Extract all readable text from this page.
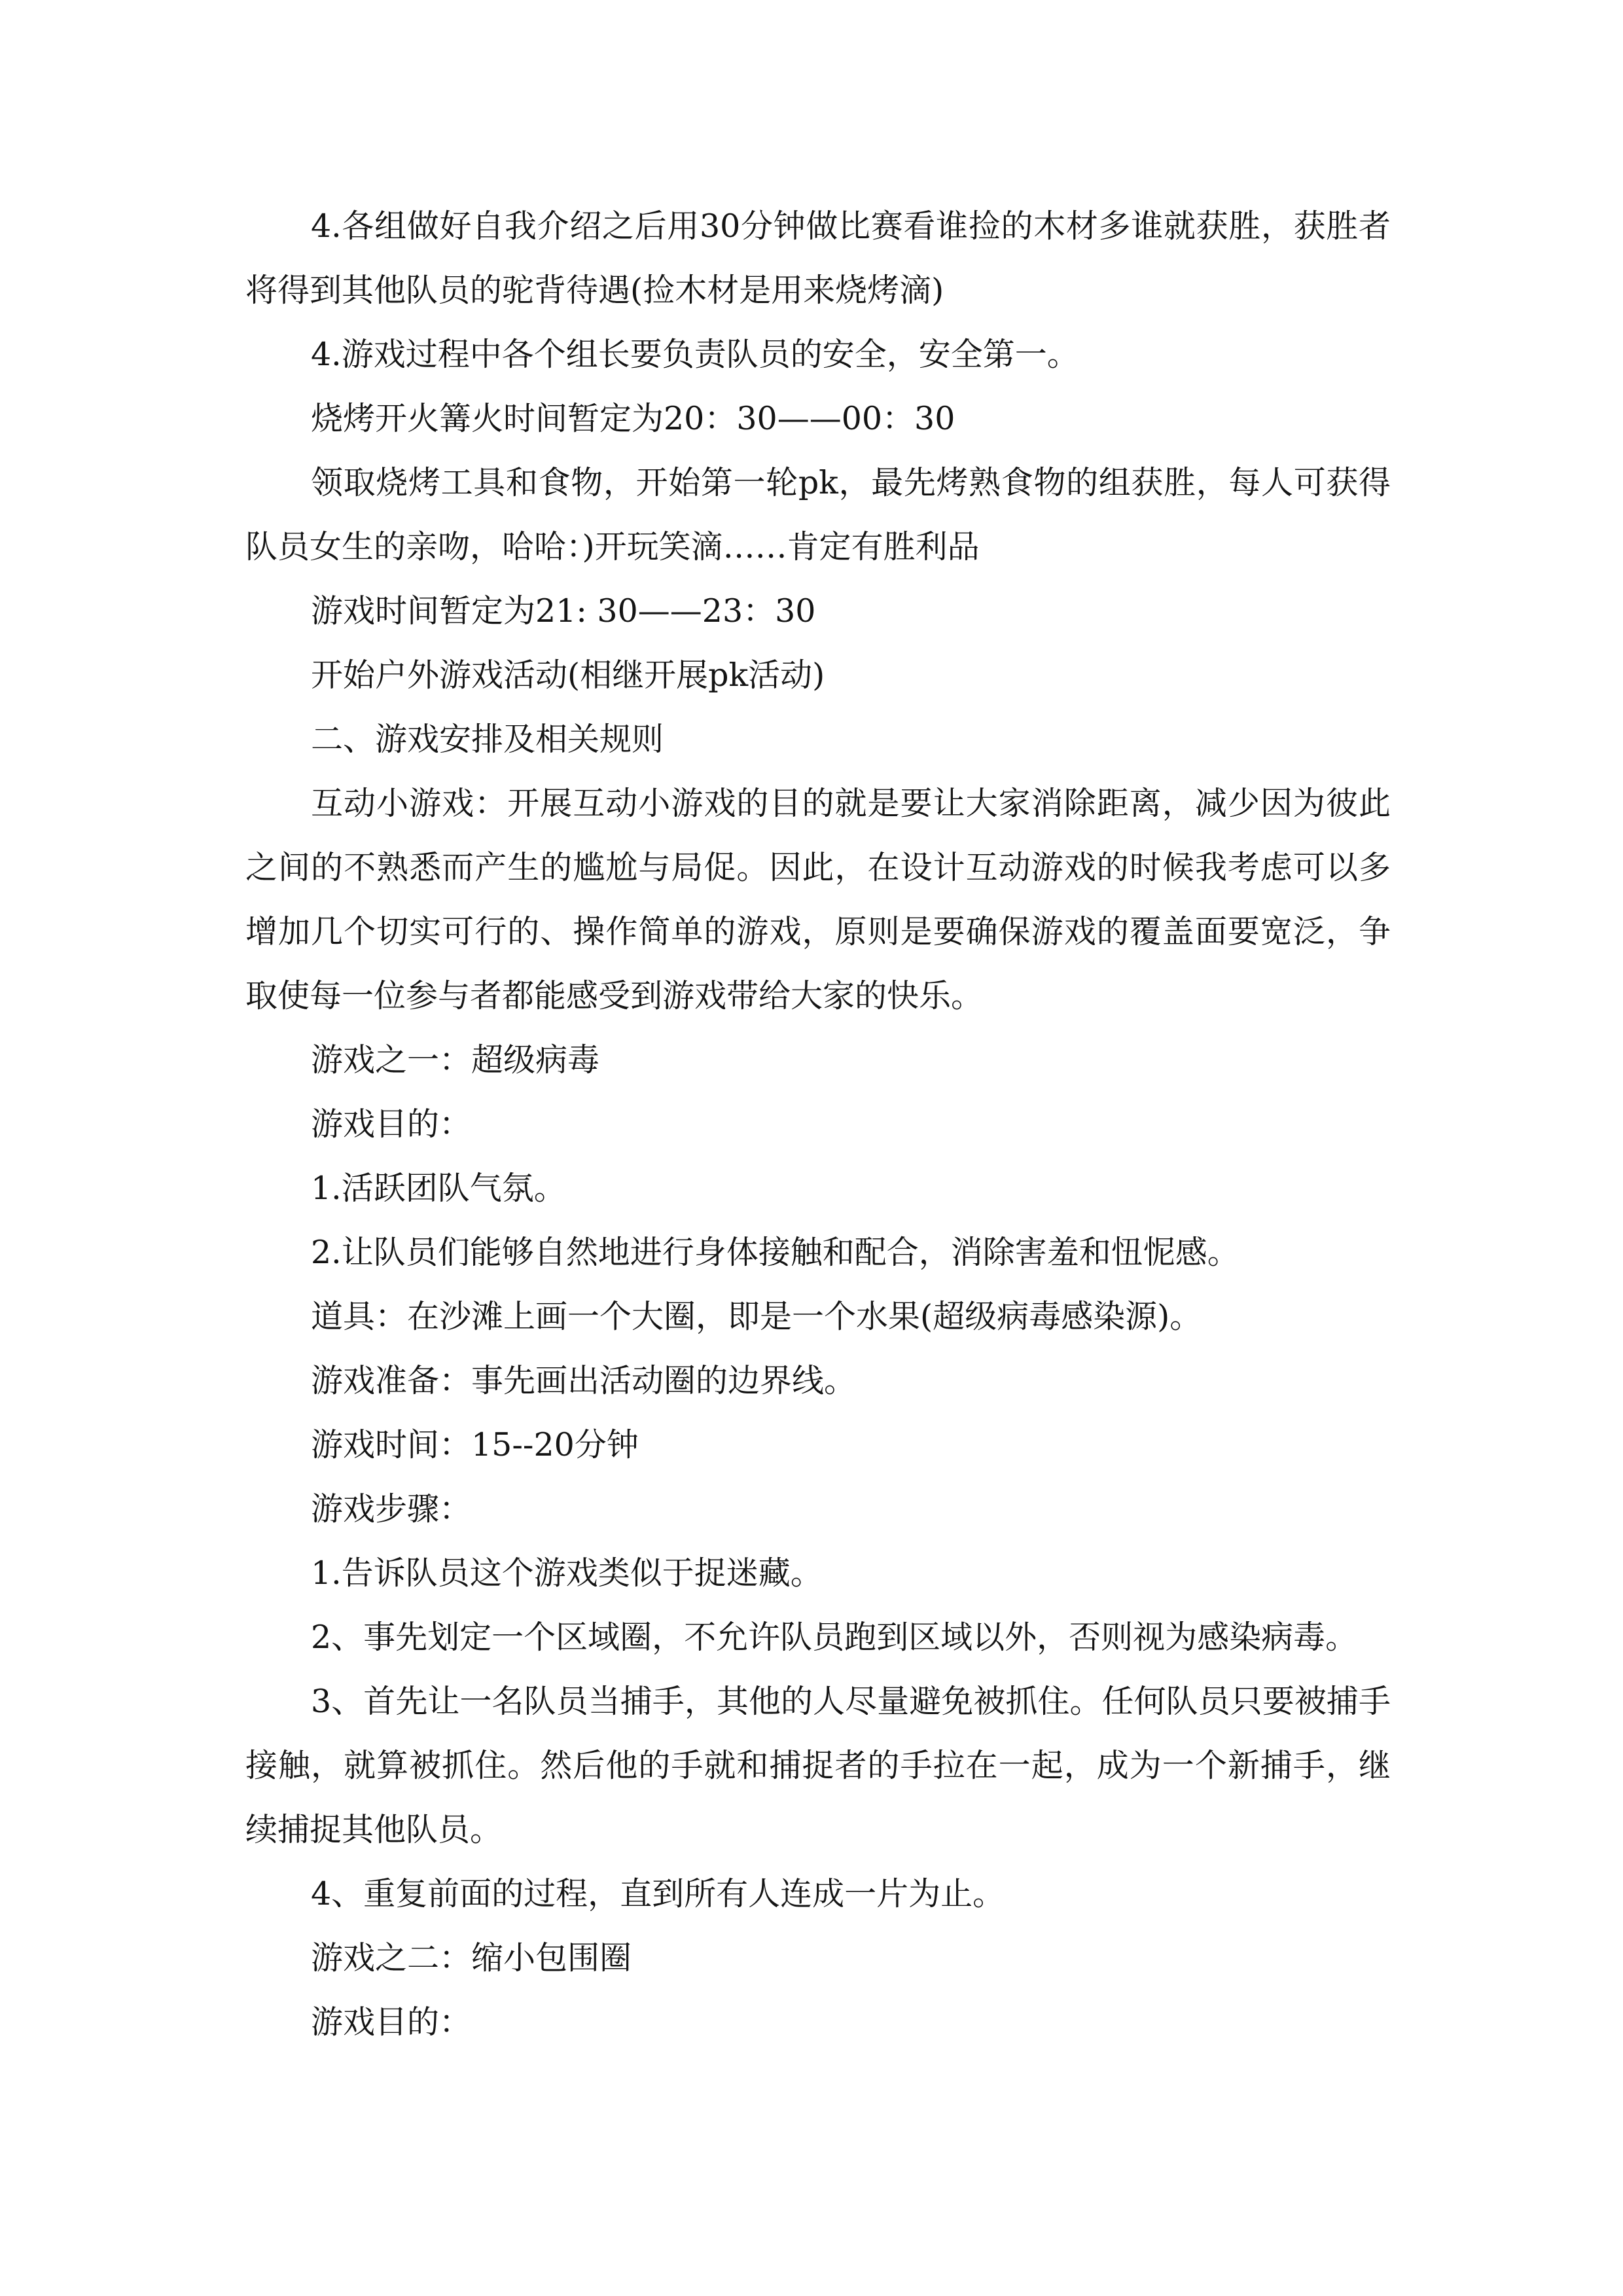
4.各组做好自我介绍之后用30分钟做比赛看谁捡的木材多谁就获胜，获胜者将得到其他队员的驼背待遇(捡木材是用来烧烤滴)

4.游戏过程中各个组长要负责队员的安全，安全第一。

烧烤开火篝火时间暂定为20：30——00：30

领取烧烤工具和食物，开始第一轮pk，最先烤熟食物的组获胜，每人可获得队员女生的亲吻，哈哈：)开玩笑滴……肯定有胜利品

游戏时间暂定为21: 30——23：30

开始户外游戏活动(相继开展pk活动)

二、游戏安排及相关规则

互动小游戏：开展互动小游戏的目的就是要让大家消除距离，减少因为彼此之间的不熟悉而产生的尴尬与局促。因此，在设计互动游戏的时候我考虑可以多增加几个切实可行的、操作简单的游戏，原则是要确保游戏的覆盖面要宽泛，争取使每一位参与者都能感受到游戏带给大家的快乐。

游戏之一：超级病毒

游戏目的：

1.活跃团队气氛。

2.让队员们能够自然地进行身体接触和配合，消除害羞和忸怩感。

道具：在沙滩上画一个大圈，即是一个水果(超级病毒感染源)。

游戏准备：事先画出活动圈的边界线。

游戏时间：15--20分钟

游戏步骤：

1.告诉队员这个游戏类似于捉迷藏。

2、事先划定一个区域圈，不允许队员跑到区域以外，否则视为感染病毒。

3、首先让一名队员当捕手，其他的人尽量避免被抓住。任何队员只要被捕手接触，就算被抓住。然后他的手就和捕捉者的手拉在一起，成为一个新捕手，继续捕捉其他队员。

4、重复前面的过程，直到所有人连成一片为止。

游戏之二：缩小包围圈

游戏目的：
